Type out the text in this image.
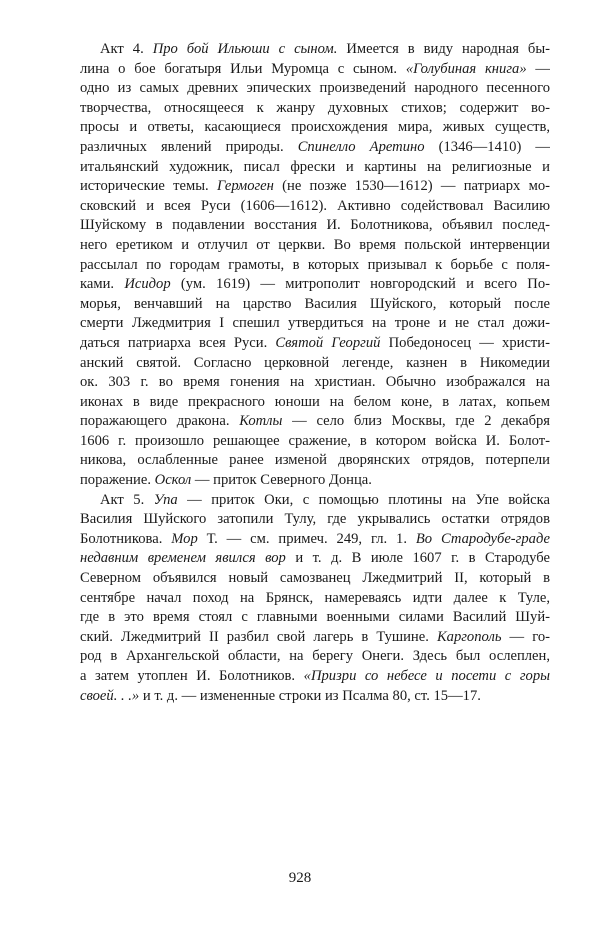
Акт 4. Про бой Ильюши с сыном. Имеется в виду народная бы-
лина о бое богатыря Ильи Муромца с сыном. «Голубиная книга» —
одно из самых древних эпических произведений народного песенного
творчества, относящееся к жанру духовных стихов; содержит во-
просы и ответы, касающиеся происхождения мира, живых существ,
различных явлений природы. Спинелло Аретино (1346—1410) —
итальянский художник, писал фрески и картины на религиозные и
исторические темы. Гермоген (не позже 1530—1612) — патриарх мо-
сковский и всея Руси (1606—1612). Активно содействовал Василию
Шуйскому в подавлении восстания И. Болотникова, объявил послед-
него еретиком и отлучил от церкви. Во время польской интервенции
рассылал по городам грамоты, в которых призывал к борьбе с поля-
ками. Исидор (ум. 1619) — митрополит новгородский и всего По-
морья, венчавший на царство Василия Шуйского, который после
смерти Лжедмитрия I спешил утвердиться на троне и не стал дожи-
даться патриарха всея Руси. Святой Георгий Победоносец — христи-
анский святой. Согласно церковной легенде, казнен в Никомедии
ок. 303 г. во время гонения на христиан. Обычно изображался на
иконах в виде прекрасного юноши на белом коне, в латах, копьем
поражающего дракона. Котлы — село близ Москвы, где 2 декабря
1606 г. произошло решающее сражение, в котором войска И. Болот-
никова, ослабленные ранее изменой дворянских отрядов, потерпели
поражение. Оскол — приток Северного Донца.
Акт 5. Упа — приток Оки, с помощью плотины на Упе войска
Василия Шуйского затопили Тулу, где укрывались остатки отрядов
Болотникова. Мор Т. — см. примеч. 249, гл. 1. Во Стародубе-граде
недавним временем явился вор и т. д. В июле 1607 г. в Стародубе
Северном объявился новый самозванец Лжедмитрий II, который в
сентябре начал поход на Брянск, намереваясь идти далее к Туле,
где в это время стоял с главными военными силами Василий Шуй-
ский. Лжедмитрий II разбил свой лагерь в Тушине. Каргополь — го-
род в Архангельской области, на берегу Онеги. Здесь был ослеплен,
а затем утоплен И. Болотников. «Призри со небесе и посети с горы
своей. . .» и т. д. — измененные строки из Псалма 80, ст. 15—17.
928
